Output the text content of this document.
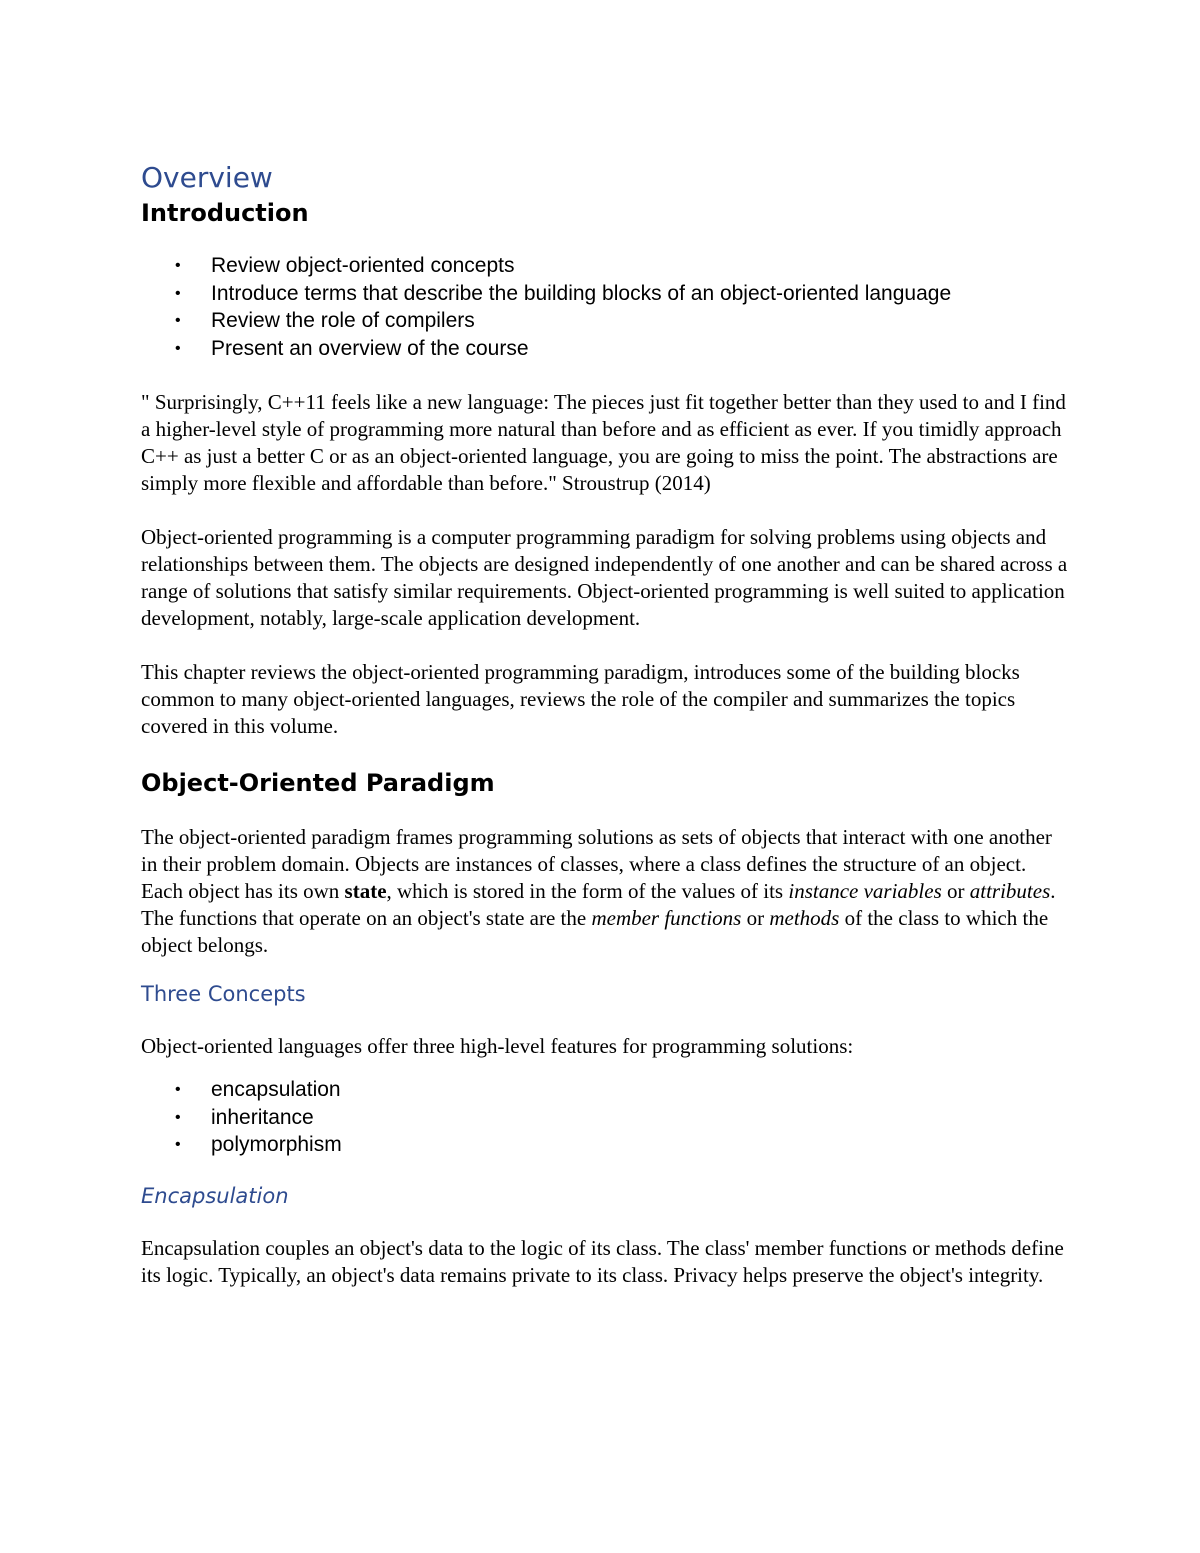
Overview
Introduction
• Review object-oriented concepts
• Introduce terms that describe the building blocks of an object-oriented language
• Review the role of compilers
• Present an overview of the course

" Surprisingly, C++11 feels like a new language: The pieces just fit together better than they used to and I find a higher-level style of programming more natural than before and as efficient as ever. If you timidly approach C++ as just a better C or as an object-oriented language, you are going to miss the point. The abstractions are simply more flexible and affordable than before." Stroustrup (2014)

Object-oriented programming is a computer programming paradigm for solving problems using objects and relationships between them. The objects are designed independently of one another and can be shared across a range of solutions that satisfy similar requirements. Object-oriented programming is well suited to application development, notably, large-scale application development.

This chapter reviews the object-oriented programming paradigm, introduces some of the building blocks common to many object-oriented languages, reviews the role of the compiler and summarizes the topics covered in this volume.

Object-Oriented Paradigm

The object-oriented paradigm frames programming solutions as sets of objects that interact with one another in their problem domain. Objects are instances of classes, where a class defines the structure of an object. Each object has its own state, which is stored in the form of the values of its instance variables or attributes. The functions that operate on an object's state are the member functions or methods of the class to which the object belongs.

Three Concepts

Object-oriented languages offer three high-level features for programming solutions:

• encapsulation
• inheritance
• polymorphism
Encapsulation

Encapsulation couples an object's data to the logic of its class. The class' member functions or methods define its logic. Typically, an object's data remains private to its class. Privacy helps preserve the object's integrity.
